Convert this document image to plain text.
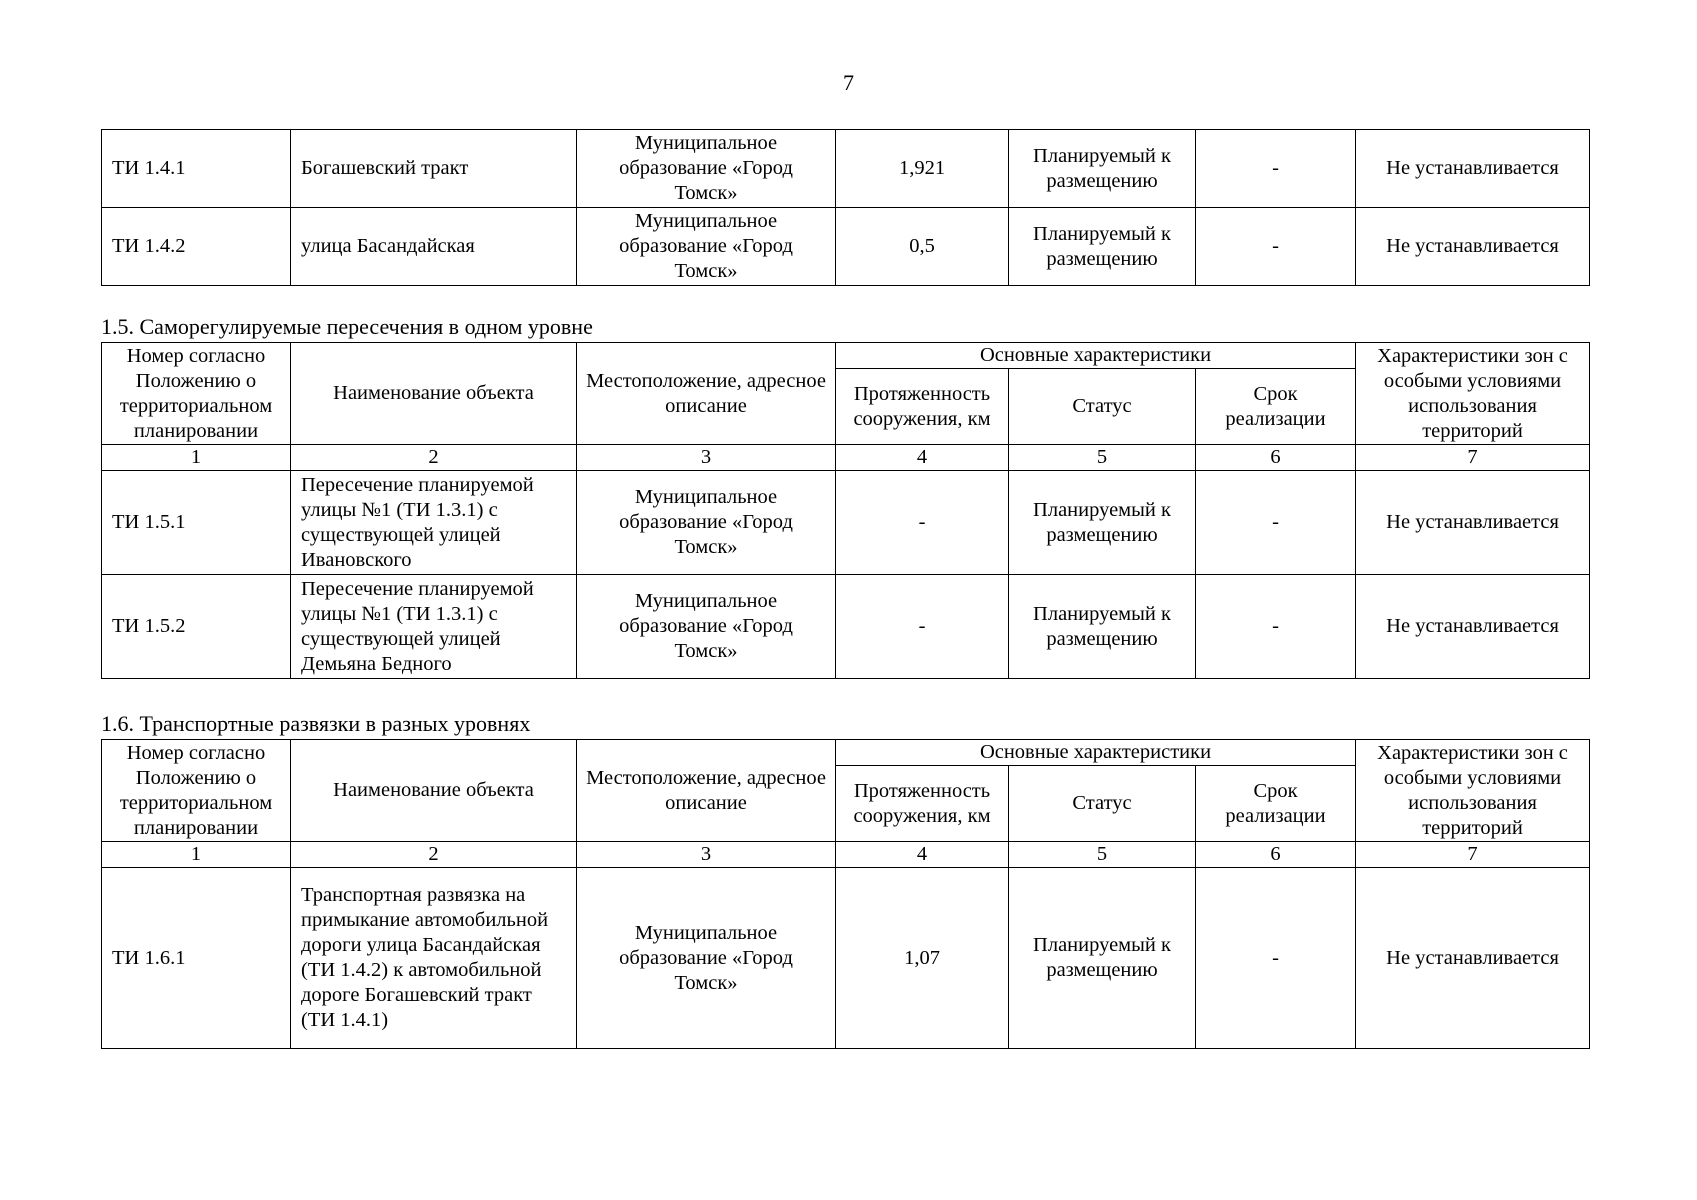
7
ТИ 1.4.1	Богашевский тракт	Муниципальное образование «Город Томск»	1,921	Планируемый к размещению	-	Не устанавливается
ТИ 1.4.2	улица Басандайская	Муниципальное образование «Город Томск»	0,5	Планируемый к размещению	-	Не устанавливается
1.5. Саморегулируемые пересечения в одном уровне
Номер согласно Положению о территориальном планировании	Наименование объекта	Местоположение, адресное описание	Основные характеристики			Характеристики зон с особыми условиями использования территорий
			Протяженность сооружения, км	Статус	Срок реализации	
1	2	3	4	5	6	7
ТИ 1.5.1	Пересечение планируемой улицы №1 (ТИ 1.3.1) с существующей улицей Ивановского	Муниципальное образование «Город Томск»	-	Планируемый к размещению	-	Не устанавливается
ТИ 1.5.2	Пересечение планируемой улицы №1 (ТИ 1.3.1) с существующей улицей Демьяна Бедного	Муниципальное образование «Город Томск»	-	Планируемый к размещению	-	Не устанавливается
1.6. Транспортные развязки в разных уровнях
Номер согласно Положению о территориальном планировании	Наименование объекта	Местоположение, адресное описание	Основные характеристики			Характеристики зон с особыми условиями использования территорий
			Протяженность сооружения, км	Статус	Срок реализации	
1	2	3	4	5	6	7
ТИ 1.6.1	Транспортная развязка на примыкание автомобильной дороги улица Басандайская (ТИ 1.4.2) к автомобильной дороге Богашевский тракт (ТИ 1.4.1)	Муниципальное образование «Город Томск»	1,07	Планируемый к размещению	-	Не устанавливается
